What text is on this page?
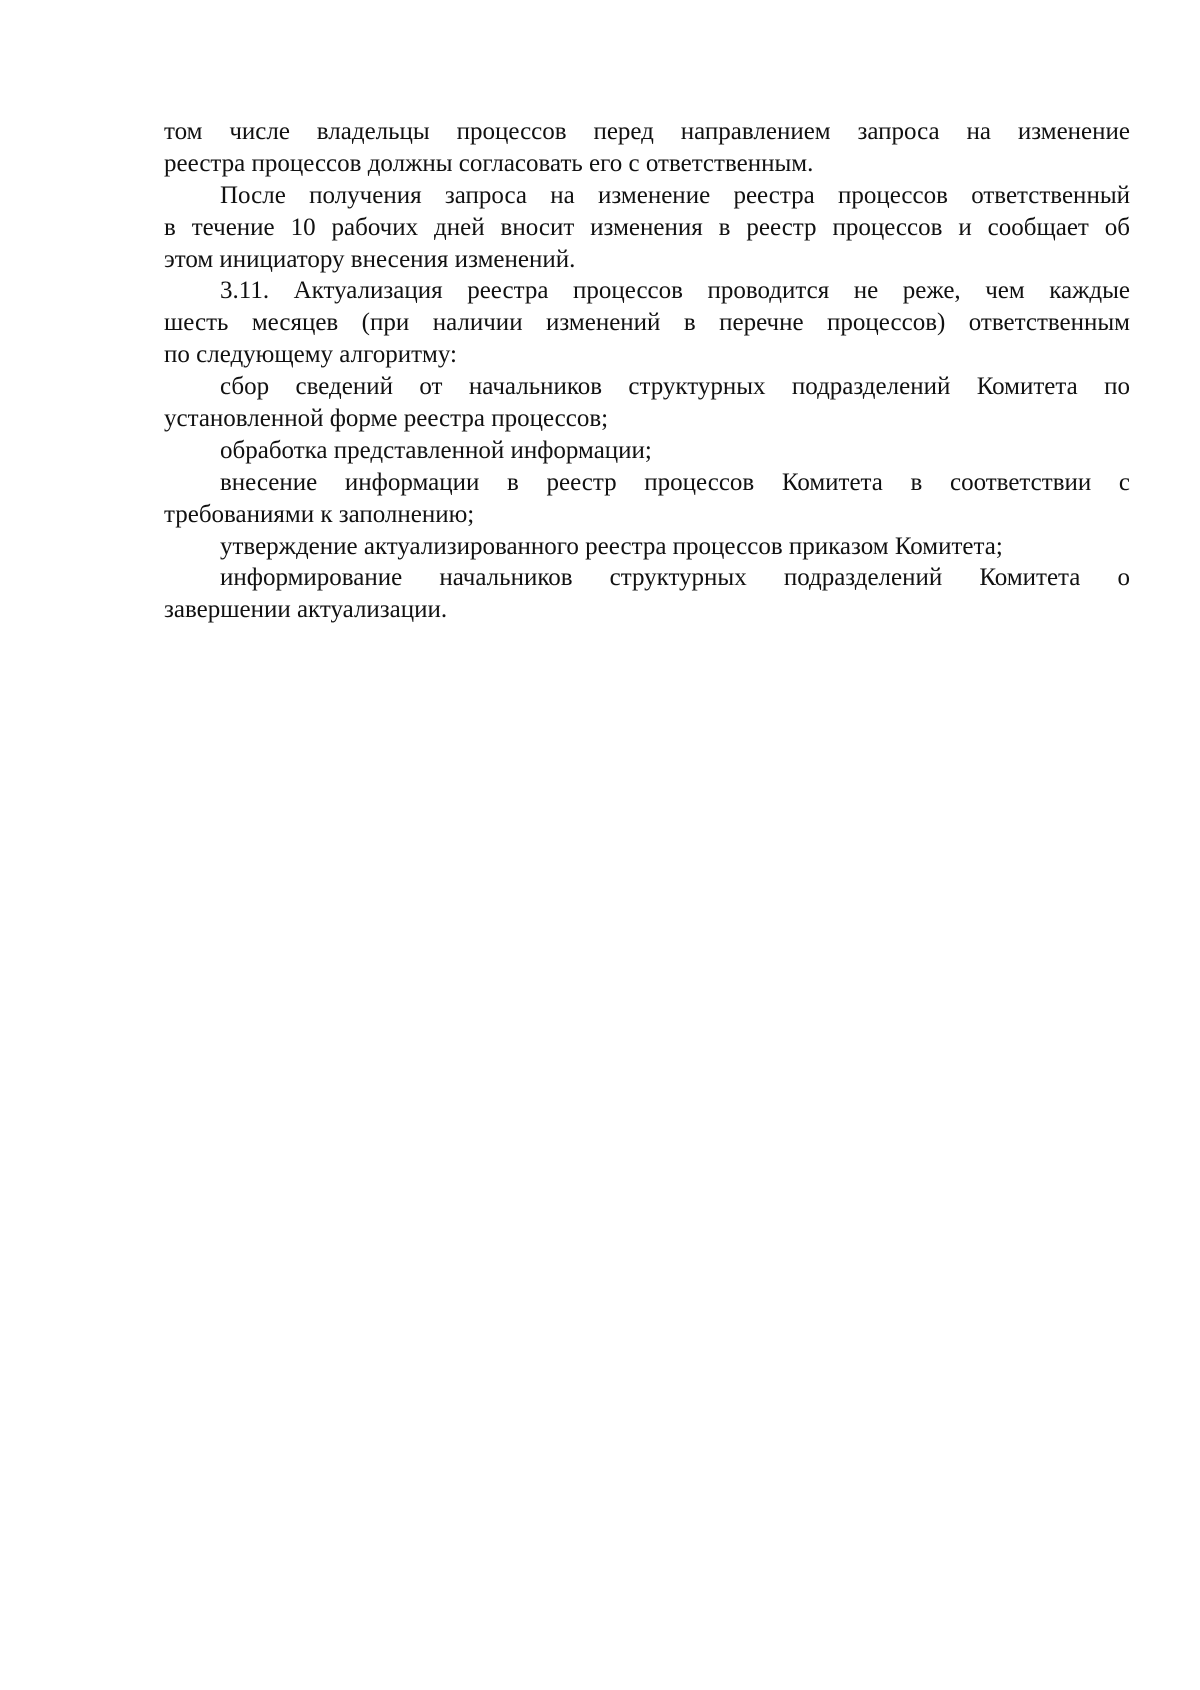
том числе владельцы процессов перед направлением запроса на изменение
реестра процессов должны согласовать его с ответственным.
После получения запроса на изменение реестра процессов ответственный
в течение 10 рабочих дней вносит изменения в реестр процессов и сообщает об
этом инициатору внесения изменений.
3.11. Актуализация реестра процессов проводится не реже, чем каждые
шесть месяцев (при наличии изменений в перечне процессов) ответственным
по следующему алгоритму:
сбор сведений от начальников структурных подразделений Комитета по
установленной форме реестра процессов;
обработка представленной информации;
внесение информации в реестр процессов Комитета в соответствии с
требованиями к заполнению;
утверждение актуализированного реестра процессов приказом Комитета;
информирование начальников структурных подразделений Комитета о
завершении актуализации.
